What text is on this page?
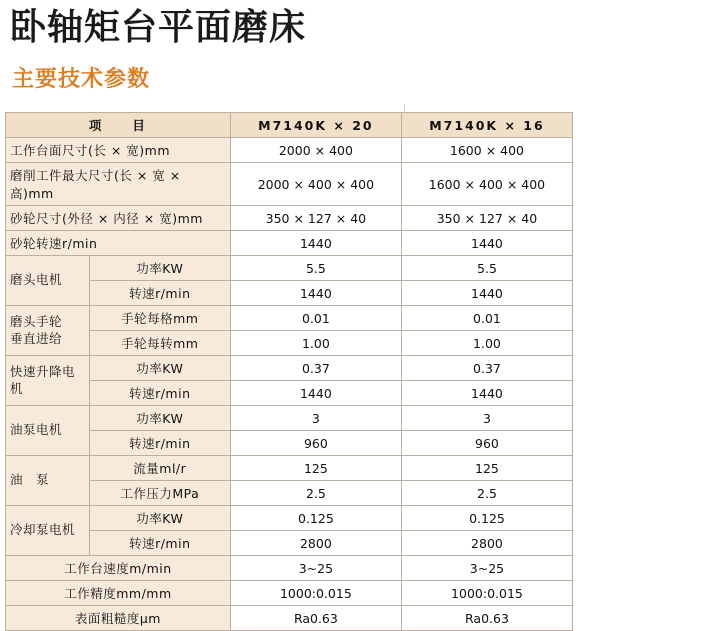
卧轴矩台平面磨床
主要技术参数
项　　目		M7140K × 20	M7140K × 16
工作台面尺寸(长 × 宽)mm		2000 × 400	1600 × 400
磨削工件最大尺寸(长 × 宽 × 高)mm		2000 × 400 × 400	1600 × 400 × 400
砂轮尺寸(外径 × 内径 × 宽)mm		350 × 127 × 40	350 × 127 × 40
砂轮转速r/min		1440	1440
磨头电机	功率KW	5.5	5.5
	转速r/min	1440	1440

磨头手轮
垂直进给	手轮每格mm	0.01	0.01
	手轮每转mm	1.00	1.00
快速升降电机	功率KW	0.37	0.37
	转速r/min	1440	1440
油泵电机	功率KW	3	3
	转速r/min	960	960
油　泵	流量ml/r	125	125
	工作压力MPa	2.5	2.5
冷却泵电机	功率KW	0.125	0.125
	转速r/min	2800	2800
工作台速度m/min		3~25	3~25
工作精度mm/mm		1000:0.015	1000:0.015
表面粗糙度μm		Ra0.63	Ra0.63
